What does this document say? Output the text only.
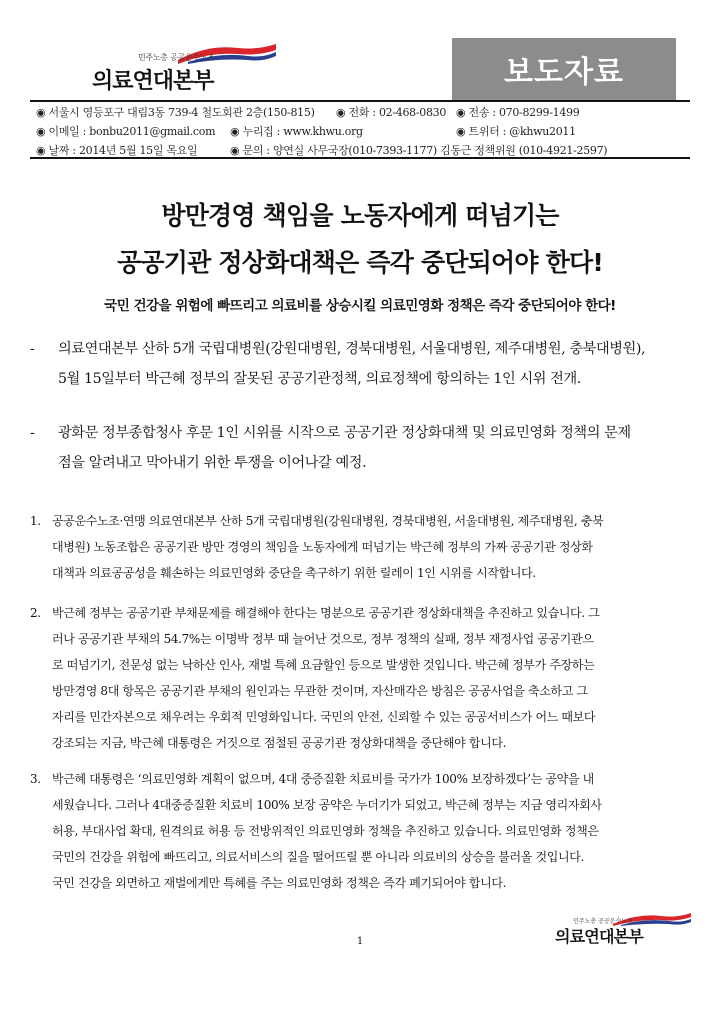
민주노총 공공운수노조
의료연대본부	보도자료
◉ 서울시 영등포구 대림3동 739-4 철도회관 2층(150-815) ◉ 전화 : 02-468-0830 ◉ 전송 : 070-8299-1499
◉ 이메일 : bonbu2011@gmail.com ◉ 누리집 : www.khwu.org	◉ 트위터 : @khwu2011
◉ 날짜 : 2014년 5월 15일 목요일	◉ 문의 : 양연실 사무국장(010-7393-1177) 김동근 정책위원 (010-4921-2597)
방만경영 책임을 노동자에게 떠넘기는
공공기관 정상화대책은 즉각 중단되어야 한다!
국민 건강을 위험에 빠뜨리고 의료비를 상승시킬 의료민영화 정책은 즉각 중단되어야 한다!
-	의료연대본부 산하 5개 국립대병원(강원대병원, 경북대병원, 서울대병원, 제주대병원, 충북대병원),
5월 15일부터 박근혜 정부의 잘못된 공공기관정책, 의료정책에 항의하는 1인 시위 전개.
-	광화문 정부종합청사 후문 1인 시위를 시작으로 공공기관 정상화대책 및 의료민영화 정책의 문제
점을 알려내고 막아내기 위한 투쟁을 이어나갈 예정.
1. 공공운수노조·연맹 의료연대본부 산하 5개 국립대병원(강원대병원, 경북대병원, 서울대병원, 제주대병원, 충북
대병원) 노동조합은 공공기관 방만 경영의 책임을 노동자에게 떠넘기는 박근혜 정부의 가짜 공공기관 정상화
대책과 의료공공성을 훼손하는 의료민영화 중단을 촉구하기 위한 릴레이 1인 시위를 시작합니다.
2. 박근혜 정부는 공공기관 부채문제를 해결해야 한다는 명분으로 공공기관 정상화대책을 추진하고 있습니다. 그
러나 공공기관 부채의 54.7%는 이명박 정부 때 늘어난 것으로, 정부 정책의 실패, 정부 재정사업 공공기관으
로 떠넘기기, 전문성 없는 낙하산 인사, 재벌 특혜 요금할인 등으로 발생한 것입니다. 박근혜 정부가 주장하는
방만경영 8대 항목은 공공기관 부채의 원인과는 무관한 것이며, 자산매각은 방침은 공공사업을 축소하고 그
자리를 민간자본으로 채우려는 우회적 민영화입니다. 국민의 안전, 신뢰할 수 있는 공공서비스가 어느 때보다
강조되는 지금, 박근혜 대통령은 거짓으로 점철된 공공기관 정상화대책을 중단해야 합니다.
3. 박근혜 대통령은 ‘의료민영화 계획이 없으며, 4대 중증질환 치료비를 국가가 100% 보장하겠다’는 공약을 내
세웠습니다. 그러나 4대중증질환 치료비 100% 보장 공약은 누더기가 되었고, 박근혜 정부는 지금 영리자회사
허용, 부대사업 확대, 원격의료 허용 등 전방위적인 의료민영화 정책을 추진하고 있습니다. 의료민영화 정책은
국민의 건강을 위험에 빠뜨리고, 의료서비스의 질을 떨어뜨릴 뿐 아니라 의료비의 상승을 불러올 것입니다.
국민 건강을 외면하고 재벌에게만 특혜를 주는 의료민영화 정책은 즉각 폐기되어야 합니다.
민주노총 공공운수노조
의료연대본부
1
